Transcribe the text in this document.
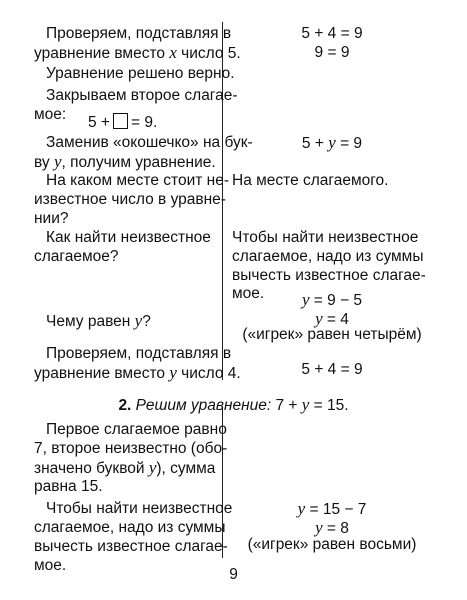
Проверяем, подставляя в
уравнение вместо x число 5.
Уравнение решено верно.
Закрываем второе слагае-
мое: 5 + = 9.
Заменив «окошечко» на бук-
ву y, получим уравнение.
На каком месте стоит не-
известное число в уравне-
нии?
Как найти неизвестное
слагаемое?
Чему равен y?
5 + 4 = 9
9 = 9
5 + y = 9
На месте слагаемого.
Чтобы найти неизвестное
слагаемое, надо из суммы
вычесть известное слагае-
мое.	y = 9 − 5
y = 4
(«игрек» равен четырём)
2. Решим уравнение: 7 + y = 15.
Первое слагаемое равно
7, второе неизвестно (обо-
значено буквой y), сумма
равна 15.
Чтобы найти неизвестное
слагаемое, надо из суммы
вычесть известное слагае-
y = 15 − 7
y = 8
9
Проверяем, подставляя в
уравнение вместо y число 4.	5 + 4 = 9
мое.
(«игрек» равен восьми)
